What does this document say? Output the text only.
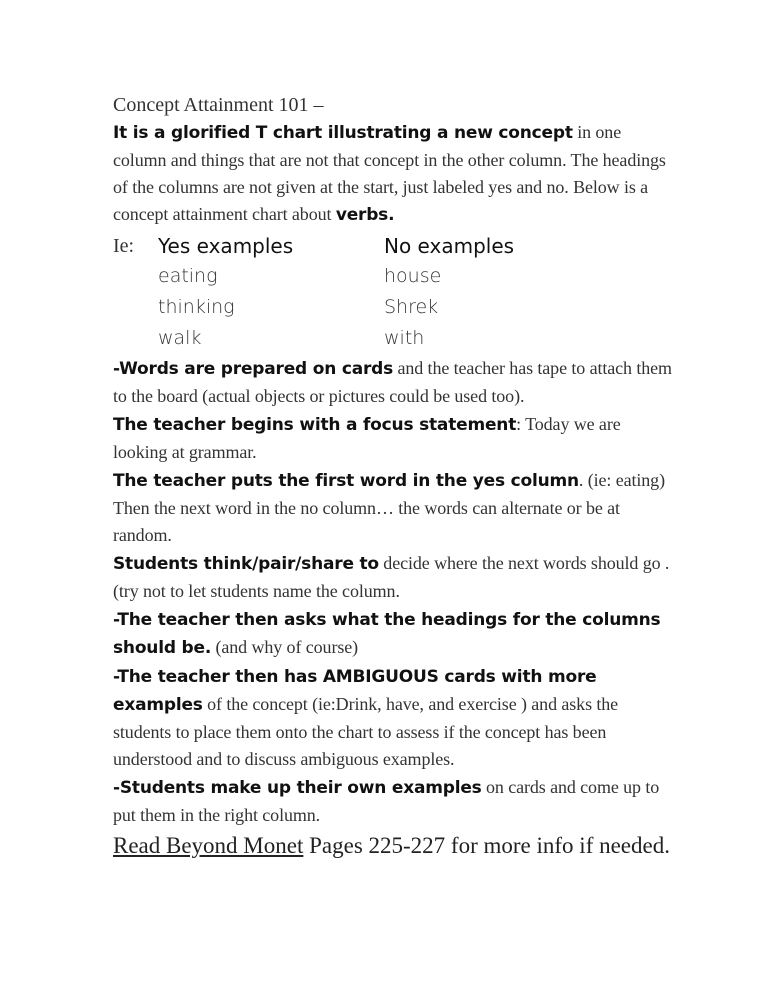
Concept Attainment 101 –

It is a glorified T chart illustrating a new concept in one column and things that are not that concept in the other column. The headings of the columns are not given at the start, just labeled yes and no. Below is a concept attainment chart about verbs.

Ie:	Yes examples
eating
thinking
walk
No examples
house
Shrek
with

-Words are prepared on cards and the teacher has tape to attach them to the board (actual objects or pictures could be used too).

The teacher begins with a focus statement: Today we are looking at grammar.

The teacher puts the first word in the yes column. (ie: eating) Then the next word in the no column… the words can alternate or be at random.

Students think/pair/share to decide where the next words should go . (try not to let students name the column.

-The teacher then asks what the headings for the columns should be. (and why of course)

-The teacher then has AMBIGUOUS cards with more examples of the concept (ie:Drink, have, and exercise ) and asks the students to place them onto the chart to assess if the concept has been understood and to discuss ambiguous examples.

-Students make up their own examples on cards and come up to put them in the right column.

Read Beyond Monet Pages 225-227 for more info if needed.
